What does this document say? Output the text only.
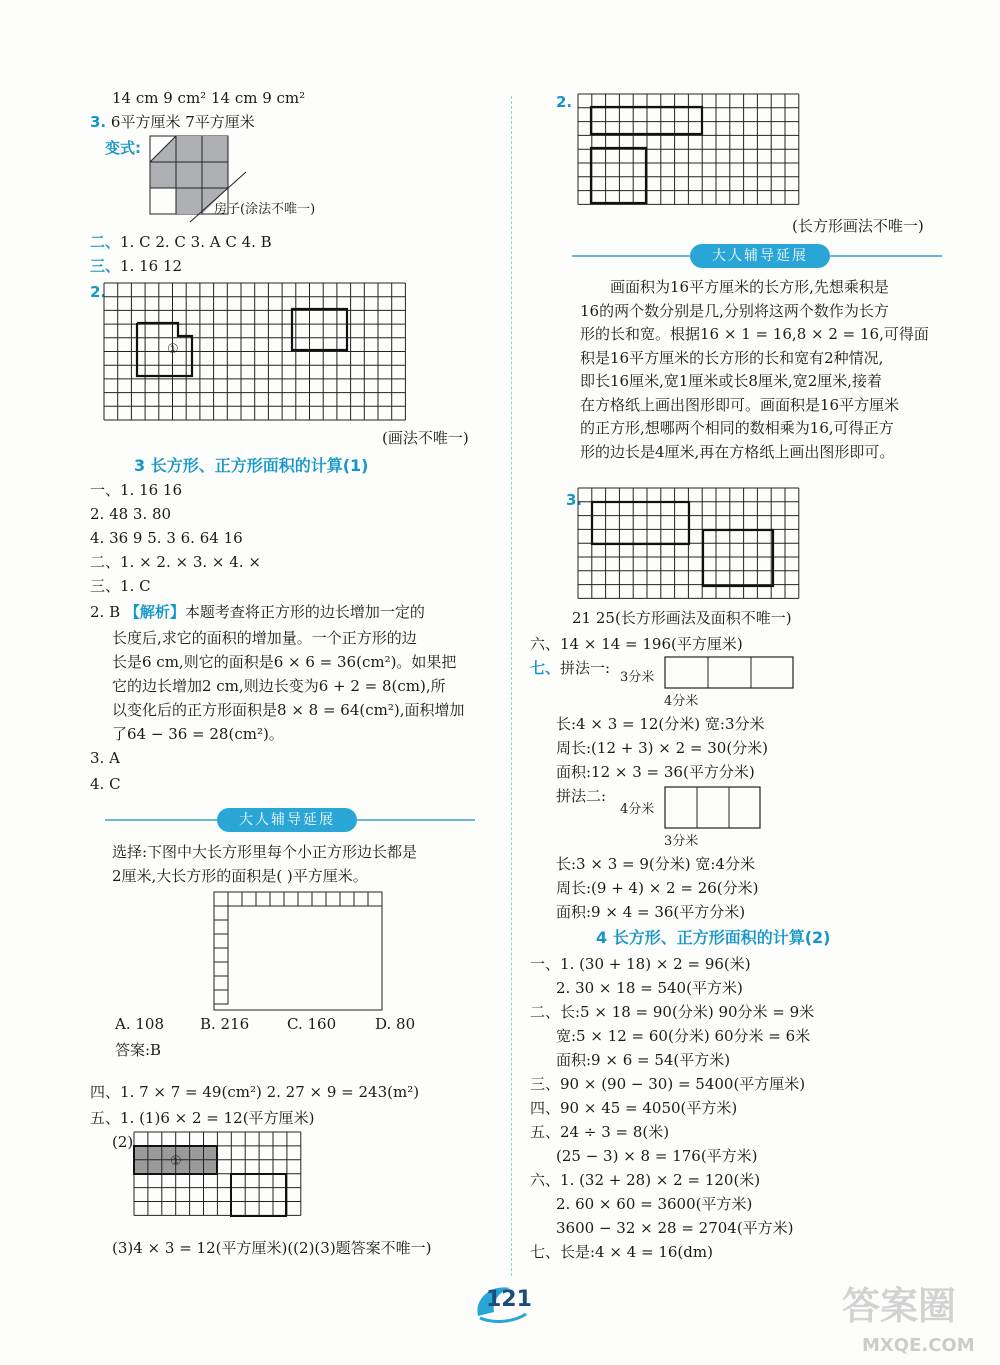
14 cm 9 cm² 14 cm 9 cm²
3. 6平方厘米 7平方厘米
变式:
房子(涂法不唯一)
二、1. C 2. C 3. A C 4. B
三、1. 16 12
2.
①
(画法不唯一)
3 长方形、正方形面积的计算(1)
一、1. 16 16
2. 48 3. 80
4. 36 9 5. 3 6. 64 16
二、1. × 2. × 3. × 4. ×
三、1. C
2. B 【解析】本题考查将正方形的边长增加一定的
长度后,求它的面积的增加量。一个正方形的边
长是6 cm,则它的面积是6 × 6 = 36(cm²)。如果把
它的边长增加2 cm,则边长变为6 + 2 = 8(cm),所
以变化后的正方形面积是8 × 8 = 64(cm²),面积增加
了64 − 36 = 28(cm²)。
3. A
4. C
大人辅导延展
选择:下图中大长方形里每个小正方形边长都是
2厘米,大长方形的面积是( )平方厘米。
A. 108 B. 216	C. 160	D. 80
答案:B
四、1. 7 × 7 = 49(cm²) 2. 27 × 9 = 243(m²)
五、1. (1)6 × 2 = 12(平方厘米)
(2)
①
(3)4 × 3 = 12(平方厘米)((2)(3)题答案不唯一)
2.
(长方形画法不唯一)
大人辅导延展
画面积为16平方厘米的长方形,先想乘积是
16的两个数分别是几,分别将这两个数作为长方
形的长和宽。根据16 × 1 = 16,8 × 2 = 16,可得面
积是16平方厘米的长方形的长和宽有2种情况,
即长16厘米,宽1厘米或长8厘米,宽2厘米,接着
在方格纸上画出图形即可。画面积是16平方厘米
的正方形,想哪两个相同的数相乘为16,可得正方
形的边长是4厘米,再在方格纸上画出图形即可。
3.
21 25(长方形画法及面积不唯一)
六、14 × 14 = 196(平方厘米)
七、拼法一:
3分米
4分米
长:4 × 3 = 12(分米) 宽:3分米
周长:(12 + 3) × 2 = 30(分米)
面积:12 × 3 = 36(平方分米)
拼法二:
4分米
3分米
长:3 × 3 = 9(分米) 宽:4分米
周长:(9 + 4) × 2 = 26(分米)
面积:9 × 4 = 36(平方分米)
4 长方形、正方形面积的计算(2)
一、1. (30 + 18) × 2 = 96(米)
2. 30 × 18 = 540(平方米)
二、长:5 × 18 = 90(分米) 90分米 = 9米
宽:5 × 12 = 60(分米) 60分米 = 6米
面积:9 × 6 = 54(平方米)
三、90 × (90 − 30) = 5400(平方厘米)
四、90 × 45 = 4050(平方米)
五、24 ÷ 3 = 8(米)
(25 − 3) × 8 = 176(平方米)
六、1. (32 + 28) × 2 = 120(米)
2. 60 × 60 = 3600(平方米)
3600 − 32 × 28 = 2704(平方米)
七、长是:4 × 4 = 16(dm)
121	答案圈
MXQE.COM
